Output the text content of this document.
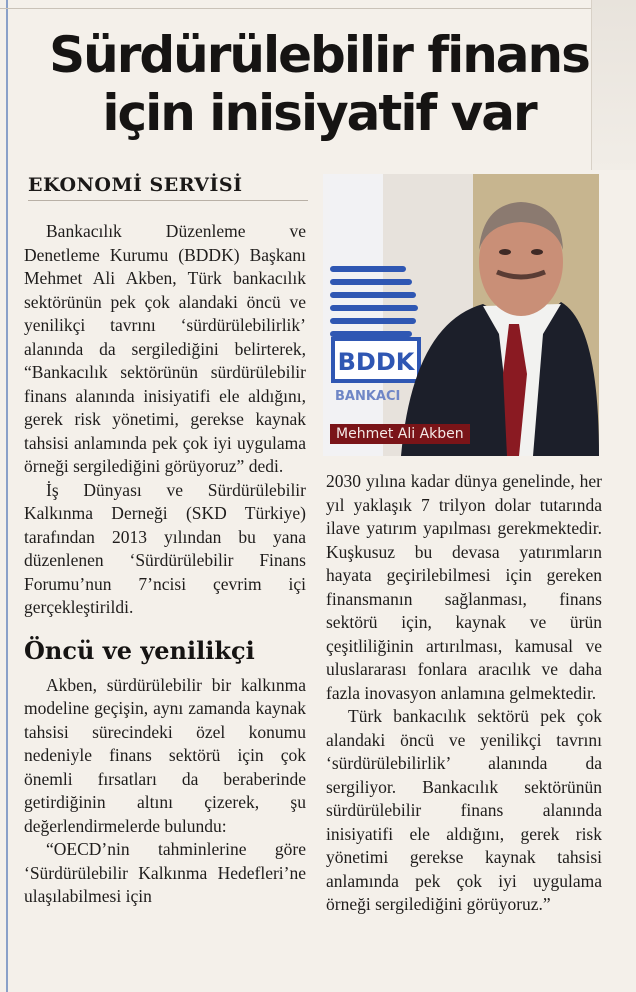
Sürdürülebilir finans
için inisiyatif var
EKONOMİ SERVİSİ

Bankacılık Düzenleme ve Denetleme Kurumu (BDDK) Başkanı Mehmet Ali Akben, Türk bankacılık sektörünün pek çok alandaki öncü ve yenilikçi tavrını ‘sürdürülebilirlik’ alanında da sergilediğini belirterek, “Bankacılık sektörünün sürdürülebilir finans alanında inisiyatifi ele aldığını, gerek risk yönetimi, gerekse kaynak tahsisi anlamında pek çok iyi uygulama örneği sergilediğini görüyoruz” dedi.

İş Dünyası ve Sürdürülebilir Kalkınma Derneği (SKD Türkiye) tarafından 2013 yılından bu yana düzenlenen ‘Sürdürülebilir Finans Forumu’nun 7’ncisi çevrim içi gerçekleştirildi.

Öncü ve yenilikçi

Akben, sürdürülebilir bir kalkınma modeline geçişin, aynı zamanda kaynak tahsisi sürecindeki özel konumu nedeniyle finans sektörü için çok önemli fırsatları da beraberinde getirdiğinin altını çizerek, şu değerlendirmelerde bulundu:

“OECD’nin tahminlerine göre ‘Sürdürülebilir Kalkınma Hedefleri’ne ulaşılabilmesi için

BDDK
BANKACI
Mehmet Ali Akben

2030 yılına kadar dünya genelinde, her yıl yaklaşık 7 trilyon dolar tutarında ilave yatırım yapılması gerekmektedir. Kuşkusuz bu devasa yatırımların hayata geçirilebilmesi için gereken finansmanın sağlanması, finans sektörü için, kaynak ve ürün çeşitliliğinin artırılması, kamusal ve uluslararası fonlara aracılık ve daha fazla inovasyon anlamına gelmektedir.

Türk bankacılık sektörü pek çok alandaki öncü ve yenilikçi tavrını ‘sürdürülebilirlik’ alanında da sergiliyor. Bankacılık sektörünün sürdürülebilir finans alanında inisiyatifi ele aldığını, gerek risk yönetimi gerekse kaynak tahsisi anlamında pek çok iyi uygulama örneği sergilediğini görüyoruz.”
